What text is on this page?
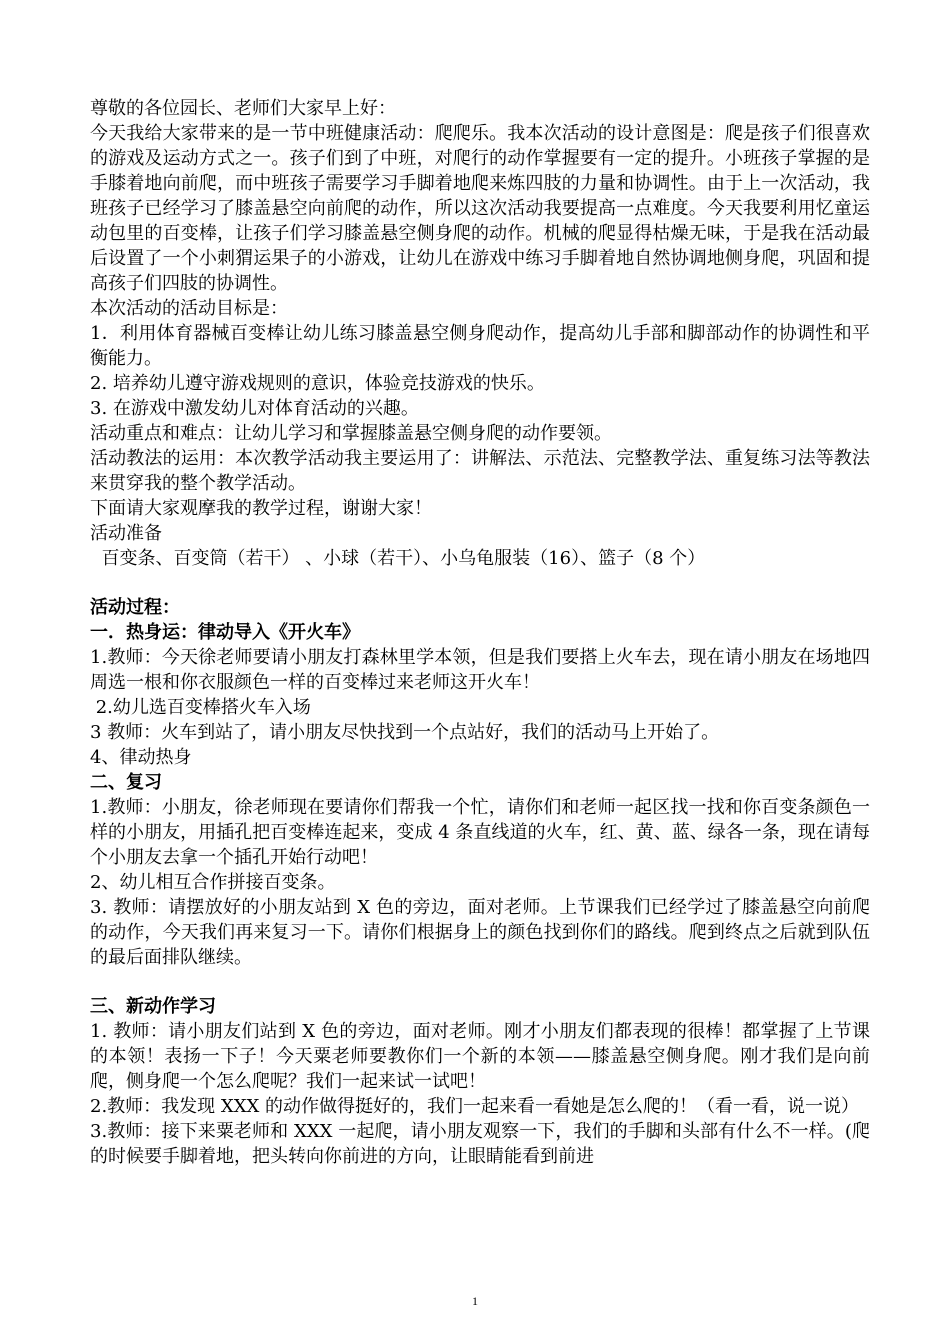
尊敬的各位园长、老师们大家早上好：

今天我给大家带来的是一节中班健康活动：爬爬乐。我本次活动的设计意图是：爬是孩子们很喜欢的游戏及运动方式之一。孩子们到了中班，对爬行的动作掌握要有一定的提升。小班孩子掌握的是手膝着地向前爬，而中班孩子需要学习手脚着地爬来炼四肢的力量和协调性。由于上一次活动，我班孩子已经学习了膝盖悬空向前爬的动作，所以这次活动我要提高一点难度。今天我要利用忆童运动包里的百变棒，让孩子们学习膝盖悬空侧身爬的动作。机械的爬显得枯燥无味，于是我在活动最后设置了一个小刺猬运果子的小游戏，让幼儿在游戏中练习手脚着地自然协调地侧身爬，巩固和提高孩子们四肢的协调性。

本次活动的活动目标是：

1．利用体育器械百变棒让幼儿练习膝盖悬空侧身爬动作，提高幼儿手部和脚部动作的协调性和平衡能力。

2. 培养幼儿遵守游戏规则的意识，体验竞技游戏的快乐。

3. 在游戏中激发幼儿对体育活动的兴趣。

活动重点和难点：让幼儿学习和掌握膝盖悬空侧身爬的动作要领。

活动教法的运用：本次教学活动我主要运用了：讲解法、示范法、完整教学法、重复练习法等教法来贯穿我的整个教学活动。

下面请大家观摩我的教学过程，谢谢大家！

活动准备

百变条、百变筒（若干） 、小球（若干）、小乌龟服装（16）、篮子（8 个）

活动过程：
一．热身运：律动导入《开火车》

1.教师：今天徐老师要请小朋友打森林里学本领，但是我们要搭上火车去，现在请小朋友在场地四周选一根和你衣服颜色一样的百变棒过来老师这开火车！

2.幼儿选百变棒搭火车入场

3 教师：火车到站了，请小朋友尽快找到一个点站好，我们的活动马上开始了。

4、律动热身

二、复习

1.教师：小朋友，徐老师现在要请你们帮我一个忙，请你们和老师一起区找一找和你百变条颜色一样的小朋友，用插孔把百变棒连起来，变成 4 条直线道的火车，红、黄、蓝、绿各一条，现在请每个小朋友去拿一个插孔开始行动吧！

2、幼儿相互合作拼接百变条。

3. 教师：请摆放好的小朋友站到 X 色的旁边，面对老师。上节课我们已经学过了膝盖悬空向前爬的动作，今天我们再来复习一下。请你们根据身上的颜色找到你们的路线。爬到终点之后就到队伍的最后面排队继续。

三、新动作学习

1. 教师：请小朋友们站到 X 色的旁边，面对老师。刚才小朋友们都表现的很棒！都掌握了上节课的本领！表扬一下子！今天粟老师要教你们一个新的本领——膝盖悬空侧身爬。刚才我们是向前爬，侧身爬一个怎么爬呢？我们一起来试一试吧！

2.教师：我发现 XXX 的动作做得挺好的，我们一起来看一看她是怎么爬的！（看一看，说一说）

3.教师：接下来粟老师和 XXX 一起爬，请小朋友观察一下，我们的手脚和头部有什么不一样。(爬的时候要手脚着地，把头转向你前进的方向，让眼睛能看到前进

1
